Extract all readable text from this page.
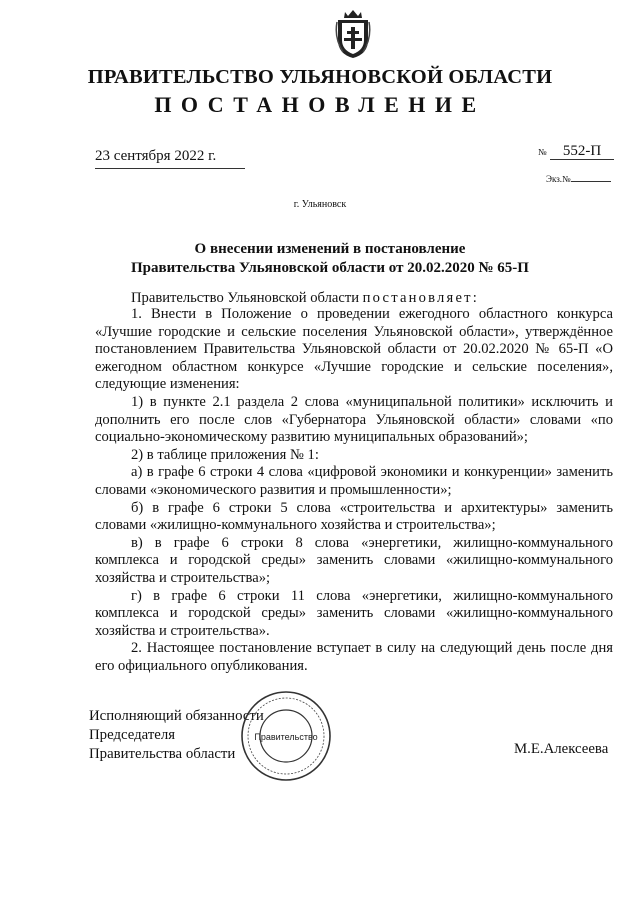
ПРАВИТЕЛЬСТВО УЛЬЯНОВСКОЙ ОБЛАСТИ
ПОСТАНОВЛЕНИЕ
23 сентября 2022 г.	№ 552-П
Экз.№
г. Ульяновск
О внесении изменений в постановление
Правительства Ульяновской области от 20.02.2020 № 65-П
Правительство Ульяновской области постановляет:

1. Внести в Положение о проведении ежегодного областного конкурса «Лучшие городские и сельские поселения Ульяновской области», утверждённое постановлением Правительства Ульяновской области от 20.02.2020 № 65-П «О ежегодном областном конкурсе «Лучшие городские и сельские поселения», следующие изменения:

1) в пункте 2.1 раздела 2 слова «муниципальной политики» исключить и дополнить его после слов «Губернатора Ульяновской области» словами «по социально-экономическому развитию муниципальных образований»;

2) в таблице приложения № 1:

а) в графе 6 строки 4 слова «цифровой экономики и конкуренции» заменить словами «экономического развития и промышленности»;

б) в графе 6 строки 5 слова «строительства и архитектуры» заменить словами «жилищно-коммунального хозяйства и строительства»;

в) в графе 6 строки 8 слова «энергетики, жилищно-коммунального комплекса и городской среды» заменить словами «жилищно-коммунального хозяйства и строительства»;

г) в графе 6 строки 11 слова «энергетики, жилищно-коммунального комплекса и городской среды» заменить словами «жилищно-коммунального хозяйства и строительства».

2. Настоящее постановление вступает в силу на следующий день после дня его официального опубликования.

Исполняющий обязанности
Председателя
Правительства области
Правительство
М.Е.Алексеева
